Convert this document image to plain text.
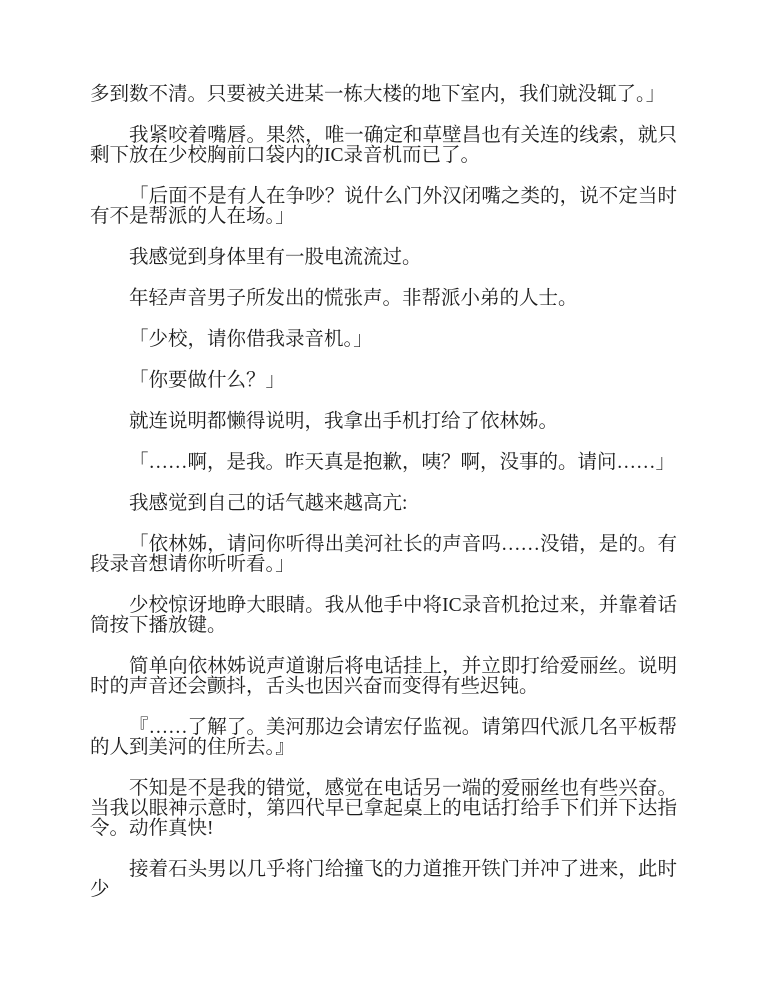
多到数不清。只要被关进某一栋大楼的地下室内，我们就没辄了。」

我紧咬着嘴唇。果然，唯一确定和草壁昌也有关连的线索，就只剩下放在少校胸前口袋内的IC录音机而已了。

「后面不是有人在争吵？说什么门外汉闭嘴之类的，说不定当时有不是帮派的人在场。」

我感觉到身体里有一股电流流过。

年轻声音男子所发出的慌张声。非帮派小弟的人士。

「少校，请你借我录音机。」

「你要做什么？」

就连说明都懒得说明，我拿出手机打给了依林姊。

「……啊，是我。昨天真是抱歉，咦？啊，没事的。请问……」

我感觉到自己的话气越来越高亢:

「依林姊，请问你听得出美河社长的声音吗……没错，是的。有段录音想请你听听看。」

少校惊讶地睁大眼睛。我从他手中将IC录音机抢过来，并靠着话筒按下播放键。

简单向依林姊说声道谢后将电话挂上，并立即打给爱丽丝。说明时的声音还会颤抖，舌头也因兴奋而变得有些迟钝。

『……了解了。美河那边会请宏仔监视。请第四代派几名平板帮的人到美河的住所去。』

不知是不是我的错觉，感觉在电话另一端的爱丽丝也有些兴奋。当我以眼神示意时，第四代早已拿起桌上的电话打给手下们并下达指令。动作真快!

接着石头男以几乎将门给撞飞的力道推开铁门并冲了进来，此时少
